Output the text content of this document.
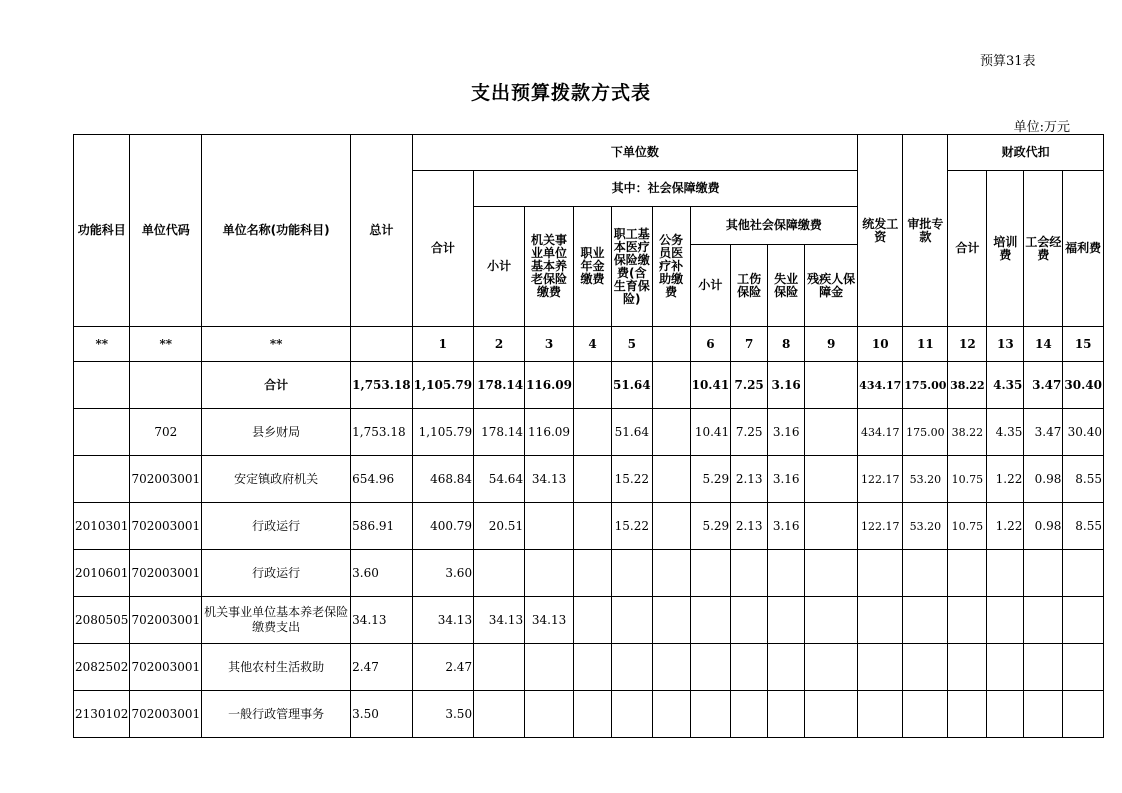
预算31表
支出预算拨款方式表
单位:万元
功能科目	单位代码	单位名称(功能科目)	总计	下单位数										统发工资	审批专款	财政代扣			
				合计	其中：社会保障缴费											合计	培训费	工会经费	福利费
					小计	机关事业单位基本养老保险缴费	职业年金缴费	职工基本医疗保险缴费(含生育保险)	公务员医疗补助缴费	其他社会保障缴费									
										小计	工伤保险	失业保险	残疾人保障金						
**	**	**		1	2	3	4	5		6	7	8	9	10	11	12	13	14	15
		合计	1,753.18	1,105.79	178.14	116.09		51.64		10.41	7.25	3.16		434.17	175.00	38.22	4.35	3.47	30.40
	702	县乡财局	1,753.18	1,105.79	178.14	116.09		51.64		10.41	7.25	3.16		434.17	175.00	38.22	4.35	3.47	30.40
	702003001	安定镇政府机关	654.96	468.84	54.64	34.13		15.22		5.29	2.13	3.16		122.17	53.20	10.75	1.22	0.98	8.55
2010301	702003001	行政运行	586.91	400.79	20.51			15.22		5.29	2.13	3.16		122.17	53.20	10.75	1.22	0.98	8.55
2010601	702003001	行政运行	3.60	3.60															
2080505	702003001	机关事业单位基本养老保险缴费支出	34.13	34.13	34.13	34.13													
2082502	702003001	其他农村生活救助	2.47	2.47															
2130102	702003001	一般行政管理事务	3.50	3.50															
